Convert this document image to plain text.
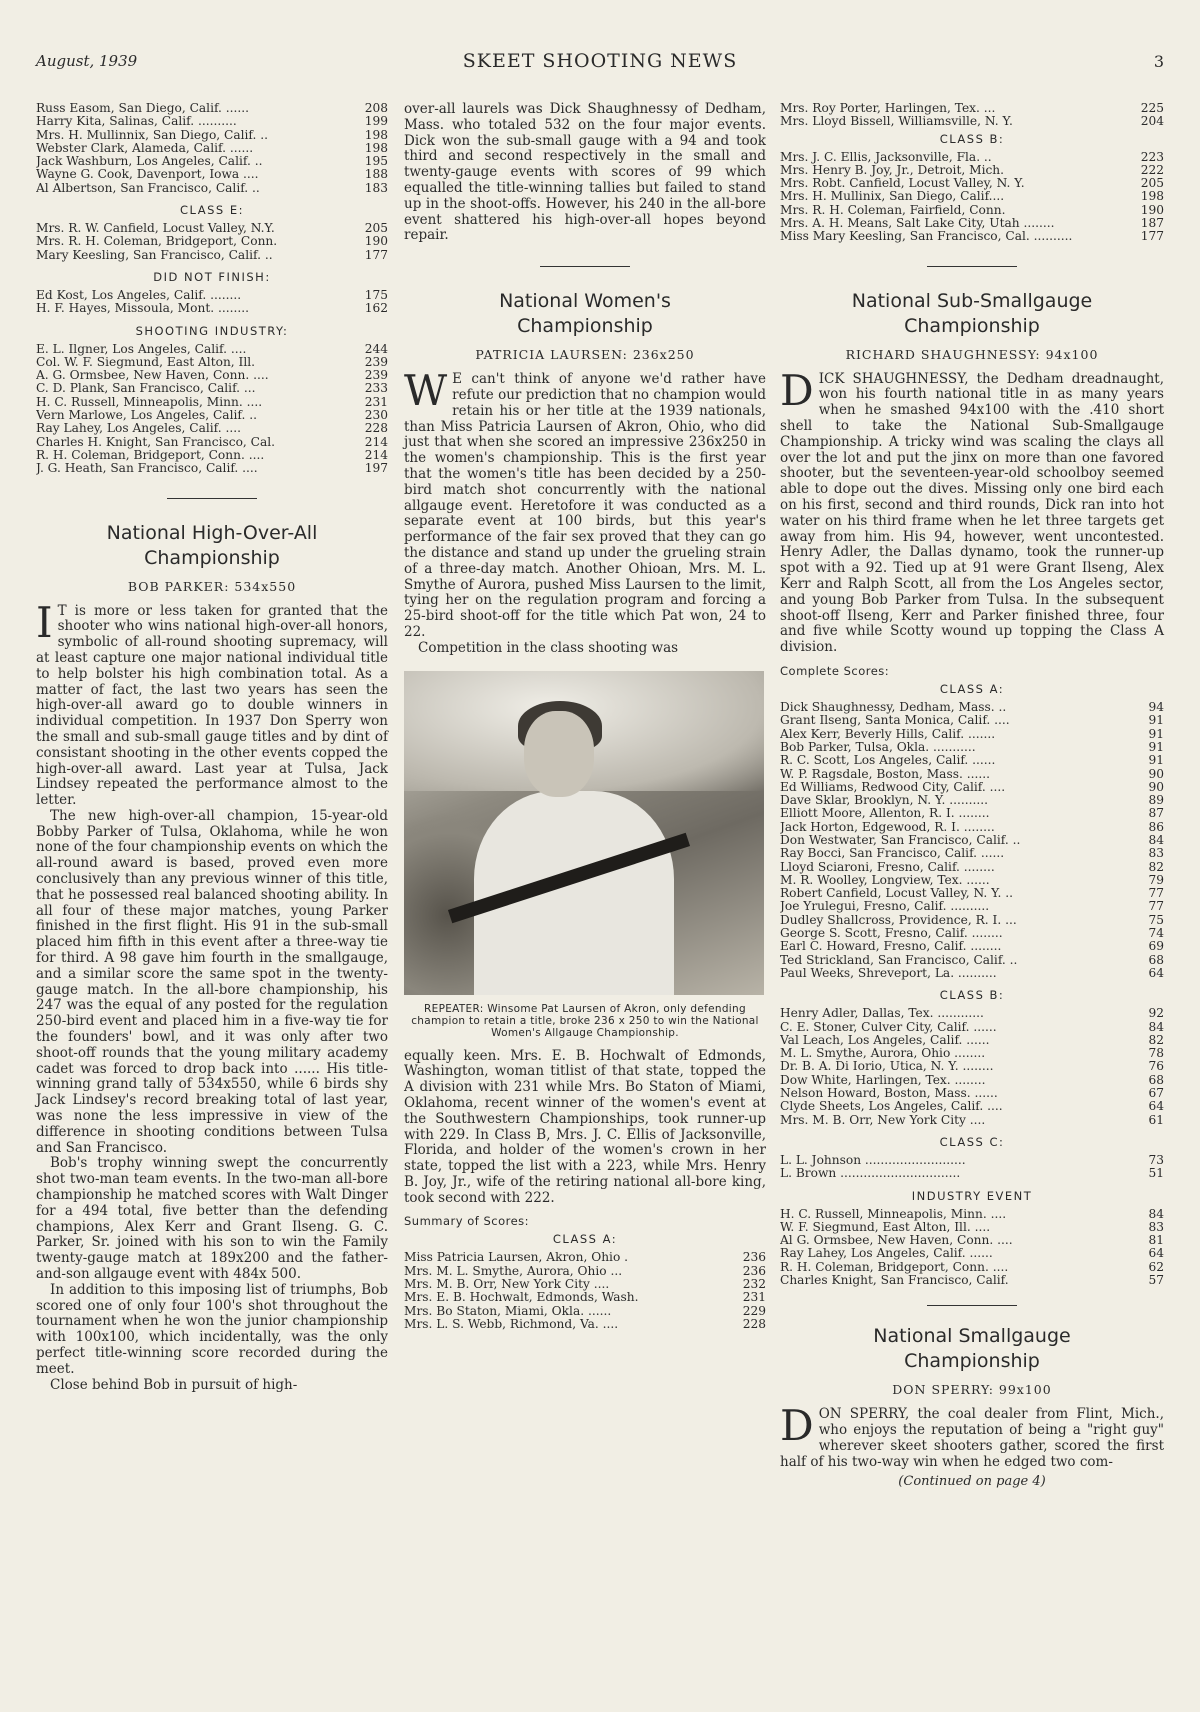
August, 1939	SKEET SHOOTING NEWS	3
Russ Easom, San Diego, Calif. ......	208
Harry Kita, Salinas, Calif. ..........	199
Mrs. H. Mullinnix, San Diego, Calif. ..	198
Webster Clark, Alameda, Calif. ......	198
Jack Washburn, Los Angeles, Calif. ..	195
Wayne G. Cook, Davenport, Iowa ....	188
Al Albertson, San Francisco, Calif. ..	183
CLASS E:
Mrs. R. W. Canfield, Locust Valley, N.Y.	205
Mrs. R. H. Coleman, Bridgeport, Conn.	190
Mary Keesling, San Francisco, Calif. ..	177
DID NOT FINISH:
Ed Kost, Los Angeles, Calif. ........	175
H. F. Hayes, Missoula, Mont. ........	162
SHOOTING INDUSTRY:
E. L. Ilgner, Los Angeles, Calif. ....	244
Col. W. F. Siegmund, East Alton, Ill.	239
A. G. Ormsbee, New Haven, Conn. ....	239
C. D. Plank, San Francisco, Calif. ...	233
H. C. Russell, Minneapolis, Minn. ....	231
Vern Marlowe, Los Angeles, Calif. ..	230
Ray Lahey, Los Angeles, Calif. ....	228
Charles H. Knight, San Francisco, Cal.	214
R. H. Coleman, Bridgeport, Conn. ....	214
J. G. Heath, San Francisco, Calif. ....	197
National High-Over-All Championship
BOB PARKER: 534x550

I T is more or less taken for granted that the shooter who wins national high-over-all honors, symbolic of all-round shooting supremacy, will at least capture one major national individual title to help bolster his high combination total. As a matter of fact, the last two years has seen the high-over-all award go to double winners in individual competition. In 1937 Don Sperry won the small and sub-small gauge titles and by dint of consistant shooting in the other events copped the high-over-all award. Last year at Tulsa, Jack Lindsey repeated the performance almost to the letter.

The new high-over-all champion, 15-year-old Bobby Parker of Tulsa, Oklahoma, while he won none of the four championship events on which the all-round award is based, proved even more conclusively than any previous winner of this title, that he possessed real balanced shooting ability. In all four of these major matches, young Parker finished in the first flight. His 91 in the sub-small placed him fifth in this event after a three-way tie for third. A 98 gave him fourth in the smallgauge, and a similar score the same spot in the twenty-gauge match. In the all-bore championship, his 247 was the equal of any posted for the regulation 250-bird event and placed him in a five-way tie for the founders' bowl, and it was only after two shoot-off rounds that the young military academy cadet was forced to drop back into ...... His title-winning grand tally of 534x550, while 6 birds shy Jack Lindsey's record breaking total of last year, was none the less impressive in view of the difference in shooting conditions between Tulsa and San Francisco.

Bob's trophy winning swept the concurrently shot two-man team events. In the two-man all-bore championship he matched scores with Walt Dinger for a 494 total, five better than the defending champions, Alex Kerr and Grant Ilseng. G. C. Parker, Sr. joined with his son to win the Family twenty-gauge match at 189x200 and the father-and-son allgauge event with 484x 500.

In addition to this imposing list of triumphs, Bob scored one of only four 100's shot throughout the tournament when he won the junior championship with 100x100, which incidentally, was the only perfect title-winning score recorded during the meet.

Close behind Bob in pursuit of high-

over-all laurels was Dick Shaughnessy of Dedham, Mass. who totaled 532 on the four major events. Dick won the sub-small gauge with a 94 and took third and second respectively in the small and twenty-gauge events with scores of 99 which equalled the title-winning tallies but failed to stand up in the shoot-offs. However, his 240 in the all-bore event shattered his high-over-all hopes beyond repair.

National Women's Championship
PATRICIA LAURSEN: 236x250

W E can't think of anyone we'd rather have refute our prediction that no champion would retain his or her title at the 1939 nationals, than Miss Patricia Laursen of Akron, Ohio, who did just that when she scored an impressive 236x250 in the women's championship. This is the first year that the women's title has been decided by a 250-bird match shot concurrently with the national allgauge event. Heretofore it was conducted as a separate event at 100 birds, but this year's performance of the fair sex proved that they can go the distance and stand up under the grueling strain of a three-day match. Another Ohioan, Mrs. M. L. Smythe of Aurora, pushed Miss Laursen to the limit, tying her on the regulation program and forcing a 25-bird shoot-off for the title which Pat won, 24 to 22.

Competition in the class shooting was

REPEATER: Winsome Pat Laursen of Akron, only defending champion to retain a title, broke 236 x 250 to win the National Women's Allgauge Championship.

equally keen. Mrs. E. B. Hochwalt of Edmonds, Washington, woman titlist of that state, topped the A division with 231 while Mrs. Bo Staton of Miami, Oklahoma, recent winner of the women's event at the Southwestern Championships, took runner-up with 229. In Class B, Mrs. J. C. Ellis of Jacksonville, Florida, and holder of the women's crown in her state, topped the list with a 223, while Mrs. Henry B. Joy, Jr., wife of the retiring national all-bore king, took second with 222.

Summary of Scores:
CLASS A:
Miss Patricia Laursen, Akron, Ohio .	236
Mrs. M. L. Smythe, Aurora, Ohio ...	236
Mrs. M. B. Orr, New York City ....	232
Mrs. E. B. Hochwalt, Edmonds, Wash.	231
Mrs. Bo Staton, Miami, Okla. ......	229
Mrs. L. S. Webb, Richmond, Va. ....	228
Mrs. Roy Porter, Harlingen, Tex. ...	225
Mrs. Lloyd Bissell, Williamsville, N. Y.	204
CLASS B:
Mrs. J. C. Ellis, Jacksonville, Fla. ..	223
Mrs. Henry B. Joy, Jr., Detroit, Mich.	222
Mrs. Robt. Canfield, Locust Valley, N. Y.	205
Mrs. H. Mullinix, San Diego, Calif....	198
Mrs. R. H. Coleman, Fairfield, Conn.	190
Mrs. A. H. Means, Salt Lake City, Utah ........	187
Miss Mary Keesling, San Francisco, Cal. ..........	177
National Sub-Smallgauge Championship
RICHARD SHAUGHNESSY: 94x100

DICK SHAUGHNESSY, the Dedham dreadnaught, won his fourth national title in as many years when he smashed 94x100 with the .410 short shell to take the National Sub-Smallgauge Championship. A tricky wind was scaling the clays all over the lot and put the jinx on more than one favored shooter, but the seventeen-year-old schoolboy seemed able to dope out the dives. Missing only one bird each on his first, second and third rounds, Dick ran into hot water on his third frame when he let three targets get away from him. His 94, however, went uncontested. Henry Adler, the Dallas dynamo, took the runner-up spot with a 92. Tied up at 91 were Grant Ilseng, Alex Kerr and Ralph Scott, all from the Los Angeles sector, and young Bob Parker from Tulsa. In the subsequent shoot-off Ilseng, Kerr and Parker finished three, four and five while Scotty wound up topping the Class A division.

Complete Scores:
CLASS A:
Dick Shaughnessy, Dedham, Mass. ..	94
Grant Ilseng, Santa Monica, Calif. ....	91
Alex Kerr, Beverly Hills, Calif. .......	91
Bob Parker, Tulsa, Okla. ...........	91
R. C. Scott, Los Angeles, Calif. ......	91
W. P. Ragsdale, Boston, Mass. ......	90
Ed Williams, Redwood City, Calif. ....	90
Dave Sklar, Brooklyn, N. Y. ..........	89
Elliott Moore, Allenton, R. I. ........	87
Jack Horton, Edgewood, R. I. ........	86
Don Westwater, San Francisco, Calif. ..	84
Ray Bocci, San Francisco, Calif. ......	83
Lloyd Sciaroni, Fresno, Calif. ........	82
M. R. Woolley, Longview, Tex. ......	79
Robert Canfield, Locust Valley, N. Y. ..	77
Joe Yrulegui, Fresno, Calif. ..........	77
Dudley Shallcross, Providence, R. I. ...	75
George S. Scott, Fresno, Calif. ........	74
Earl C. Howard, Fresno, Calif. ........	69
Ted Strickland, San Francisco, Calif. ..	68
Paul Weeks, Shreveport, La. ..........	64
CLASS B:
Henry Adler, Dallas, Tex. ............	92
C. E. Stoner, Culver City, Calif. ......	84
Val Leach, Los Angeles, Calif. ......	82
M. L. Smythe, Aurora, Ohio ........	78
Dr. B. A. Di Iorio, Utica, N. Y. ........	76
Dow White, Harlingen, Tex. ........	68
Nelson Howard, Boston, Mass. ......	67
Clyde Sheets, Los Angeles, Calif. ....	64
Mrs. M. B. Orr, New York City ....	61
CLASS C:
L. L. Johnson ..........................	73
L. Brown ...............................	51
INDUSTRY EVENT
H. C. Russell, Minneapolis, Minn. ....	84
W. F. Siegmund, East Alton, Ill. ....	83
Al G. Ormsbee, New Haven, Conn. ....	81
Ray Lahey, Los Angeles, Calif. ......	64
R. H. Coleman, Bridgeport, Conn. ....	62
Charles Knight, San Francisco, Calif.	57
National Smallgauge Championship
DON SPERRY: 99x100

DON SPERRY, the coal dealer from Flint, Mich., who enjoys the reputation of being a "right guy" wherever skeet shooters gather, scored the first half of his two-way win when he edged two com-

(Continued on page 4)
